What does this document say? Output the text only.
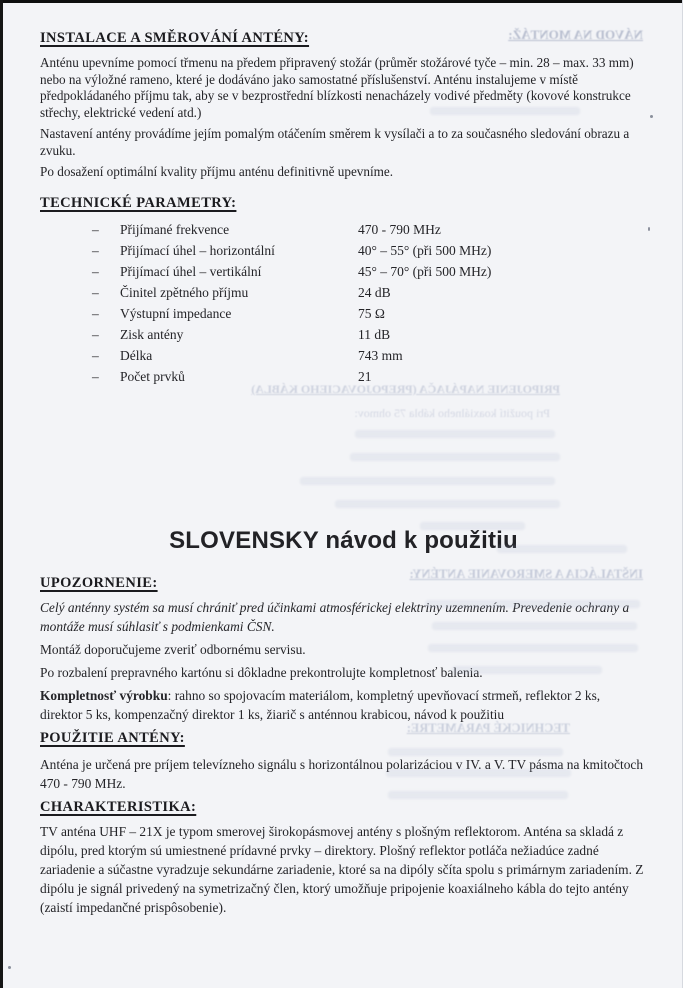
NÁVOD NA MONTÁŽ:
PRIPOJENIE NAPÁJAČA (PREPOJOVACIEHO KÁBLA)
Pri použití koaxiálneho kábla 75 ohmov:
INŠTALÁCIA A SMEROVANIE ANTÉNY:
TECHNICKÉ PARAMETRE:
INSTALACE A SMĚROVÁNÍ ANTÉNY:

Anténu upevníme pomocí třmenu na předem připravený stožár (průměr stožárové tyče – min. 28 – max. 33 mm) nebo na výložné rameno, které je dodáváno jako samostatné příslušenství. Anténu instalujeme v místě předpokládaného příjmu tak, aby se v bezprostřední blízkosti nenacházely vodivé předměty (kovové konstrukce střechy, elektrické vedení atd.)

Nastavení antény provádíme jejím pomalým otáčením směrem k vysílači a to za současného sledování obrazu a zvuku.

Po dosažení optimální kvality příjmu anténu definitivně upevníme.

TECHNICKÉ PARAMETRY:
–	Přijímané frekvence	470 - 790 MHz
–	Přijímací úhel – horizontální	40° – 55° (při 500 MHz)
–	Přijímací úhel – vertikální	45° – 70° (při 500 MHz)
–	Činitel zpětného příjmu	24 dB
–	Výstupní impedance	75 Ω
–	Zisk antény	11 dB
–	Délka	743 mm
–	Počet prvků	21
SLOVENSKY návod k použitiu
UPOZORNENIE:

Celý anténny systém sa musí chrániť pred účinkami atmosférickej elektriny uzemnením. Prevedenie ochrany a montáže musí súhlasiť s podmienkami ČSN.

Montáž doporučujeme zveriť odbornému servisu.

Po rozbalení prepravného kartónu si dôkladne prekontrolujte kompletnosť balenia.

Kompletnosť výrobku: rahno so spojovacím materiálom, kompletný upevňovací strmeň, reflektor 2 ks, direktor 5 ks, kompenzačný direktor 1 ks, žiarič s anténnou krabicou, návod k použitiu

POUŽITIE ANTÉNY:

Anténa je určená pre príjem televízneho signálu s horizontálnou polarizáciou v IV. a V. TV pásma na kmitočtoch 470 - 790 MHz.

CHARAKTERISTIKA:

TV anténa UHF – 21X je typom smerovej širokopásmovej antény s plošným reflektorom. Anténa sa skladá z dipólu, pred ktorým sú umiestnené prídavné prvky – direktory. Plošný reflektor potláča nežiadúce zadné zariadenie a súčastne vyradzuje sekundárne zariadenie, ktoré sa na dipóly sčíta spolu s primárnym zariadením. Z dipólu je signál privedený na symetrizačný člen, ktorý umožňuje pripojenie koaxiálneho kábla do tejto antény (zaistí impedančné prispôsobenie).
